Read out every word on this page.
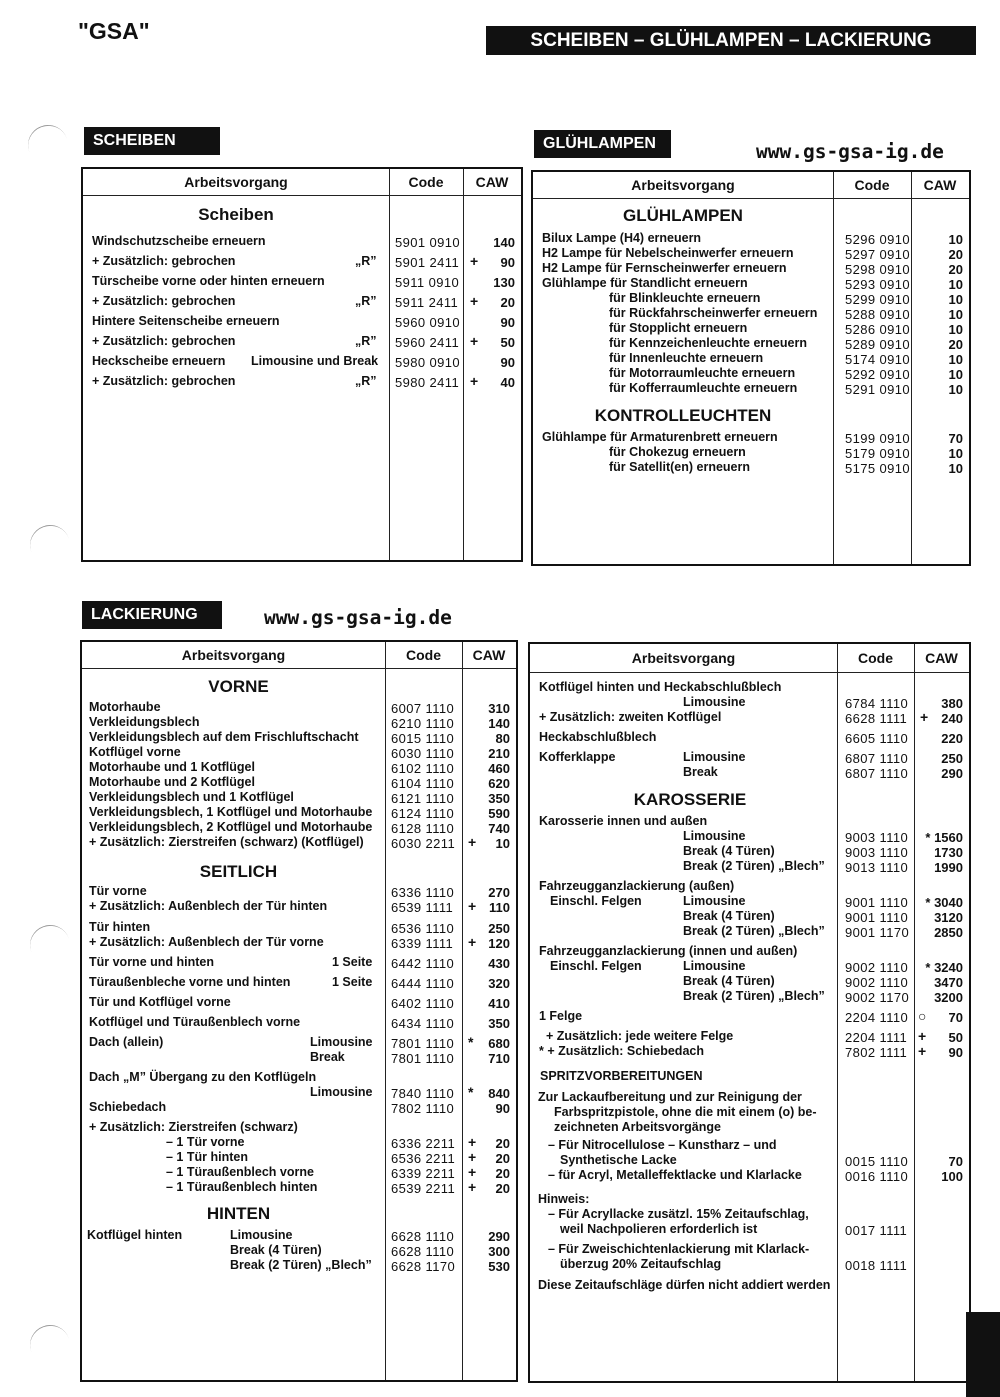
"GSA"	SCHEIBEN – GLÜHLAMPEN – LACKIERUNG
SCHEIBEN
Arbeitsvorgang	Code	CAW
Scheiben
Windschutzscheibe erneuern	5901 0910	140
+ Zusätzlich: gebrochen	„R” 5901 2411 + 90
Türscheibe vorne oder hinten erneuern	5911 0910	130
+ Zusätzlich: gebrochen	„R” 5911 2411 + 20
Hintere Seitenscheibe erneuern	5960 0910	90
+ Zusätzlich: gebrochen	„R” 5960 2411 + 50
Heckscheibe erneuern Limousine und Break 5980 0910	90
+ Zusätzlich: gebrochen	„R” 5980 2411 + 40
GLÜHLAMPEN	www.gs-gsa-ig.de
Arbeitsvorgang	Code	CAW
GLÜHLAMPEN
KONTROLLEUCHTEN
Bilux Lampe (H4) erneuern	5296 0910	10
H2 Lampe für Nebelscheinwerfer erneuern	5297 0910	20
H2 Lampe für Fernscheinwerfer erneuern	5298 0910	20
Glühlampe für Standlicht erneuern	5293 0910	10
für Blinkleuchte erneuern	5299 0910	10
für Rückfahrscheinwerfer erneuern 5288 0910	10
für Stopplicht erneuern	5286 0910	10
für Kennzeichenleuchte erneuern	5289 0910	20
für Innenleuchte erneuern	5174 0910	10
für Motorraumleuchte erneuern	5292 0910	10
für Kofferraumleuchte erneuern	5291 0910	10
Glühlampe für Armaturenbrett erneuern	5199 0910	70
für Chokezug erneuern	5179 0910	10
für Satellit(en) erneuern	5175 0910	10
LACKIERUNG	www.gs-gsa-ig.de
Arbeitsvorgang	Code	CAW
VORNE
SEITLICH
HINTEN
Motorhaube	6007 1110	310
Verkleidungsblech	6210 1110	140
Verkleidungsblech auf dem Frischluftschacht 6015 1110	80
Kotflügel vorne	6030 1110	210
Motorhaube und 1 Kotflügel	6102 1110	460
Motorhaube und 2 Kotflügel	6104 1110	620
Verkleidungsblech und 1 Kotflügel	6121 1110	350
Verkleidungsblech, 1 Kotflügel und Motorhaube 6124 1110	590
Verkleidungsblech, 2 Kotflügel und Motorhaube 6128 1110	740
+ Zusätzlich: Zierstreifen (schwarz) (Kotflügel) 6030 2211 + 10
Tür vorne	6336 1110	270
+ Zusätzlich: Außenblech der Tür hinten	6539 1111 + 110
Tür hinten	6536 1110	250
+ Zusätzlich: Außenblech der Tür vorne	6339 1111 + 120
Tür vorne und hinten	1 Seite 6442 1110	430
Türaußenbleche vorne und hinten	1 Seite 6444 1110	320
Tür und Kotflügel vorne	6402 1110	410
Kotflügel und Türaußenblech vorne	6434 1110	350
Dach (allein)	Limousine 7801 1110 * 680
Break	7801 1110	710
Dach „M” Übergang zu den Kotflügeln
Limousine 7840 1110 * 840
Schiebedach	7802 1110	90
+ Zusätzlich: Zierstreifen (schwarz)
– 1 Tür vorne	6336 2211 + 20
– 1 Tür hinten	6536 2211 + 20
– 1 Türaußenblech vorne	6339 2211 + 20
– 1 Türaußenblech hinten	6539 2211 + 20
Kotflügel hinten	Limousine	6628 1110	290
Break (4 Türen)	6628 1110	300
Break (2 Türen) „Blech” 6628 1170	530
Arbeitsvorgang	Code	CAW
KAROSSERIE
SPRITZVORBEREITUNGEN
Zur Lackaufbereitung und zur Reinigung der
Farbspritzpistole, ohne die mit einem (o) be-
zeichneten Arbeitsvorgänge
Hinweis:
Diese Zeitaufschläge dürfen nicht addiert werden
Kotflügel hinten und Heckabschlußblech
Limousine	6784 1110	380
+ Zusätzlich: zweiten Kotflügel	6628 1111 + 240
Heckabschlußblech	6605 1110	220
Kofferklappe	Limousine	6807 1110	250
Break	6807 1110	290
Karosserie innen und außen
Limousine	9003 1110 * 1560
Break (4 Türen)	9003 1110 1730
Break (2 Türen) „Blech” 9013 1110 1990
Fahrzeugganzlackierung (außen)
Einschl. Felgen	Limousine	9001 1110 * 3040
Break (4 Türen)	9001 1110 3120
Break (2 Türen) „Blech” 9001 1170 2850
Fahrzeugganzlackierung (innen und außen)
Einschl. Felgen	Limousine	9002 1110 * 3240
Break (4 Türen)	9002 1110 3470
Break (2 Türen) „Blech” 9002 1170 3200
1 Felge	2204 1110 ○ 70
+ Zusätzlich: jede weitere Felge	2204 1111 + 50
* + Zusätzlich: Schiebedach	7802 1111 + 90
– Für Nitrocellulose – Kunstharz – und
Synthetische Lacke	0015 1110	70
– für Acryl, Metalleffektlacke und Klarlacke	0016 1110	100
– Für Acryllacke zusätzl. 15% Zeitaufschlag,
weil Nachpolieren erforderlich ist	0017 1111
– Für Zweischichtenlackierung mit Klarlack-
überzug 20% Zeitaufschlag	0018 1111
